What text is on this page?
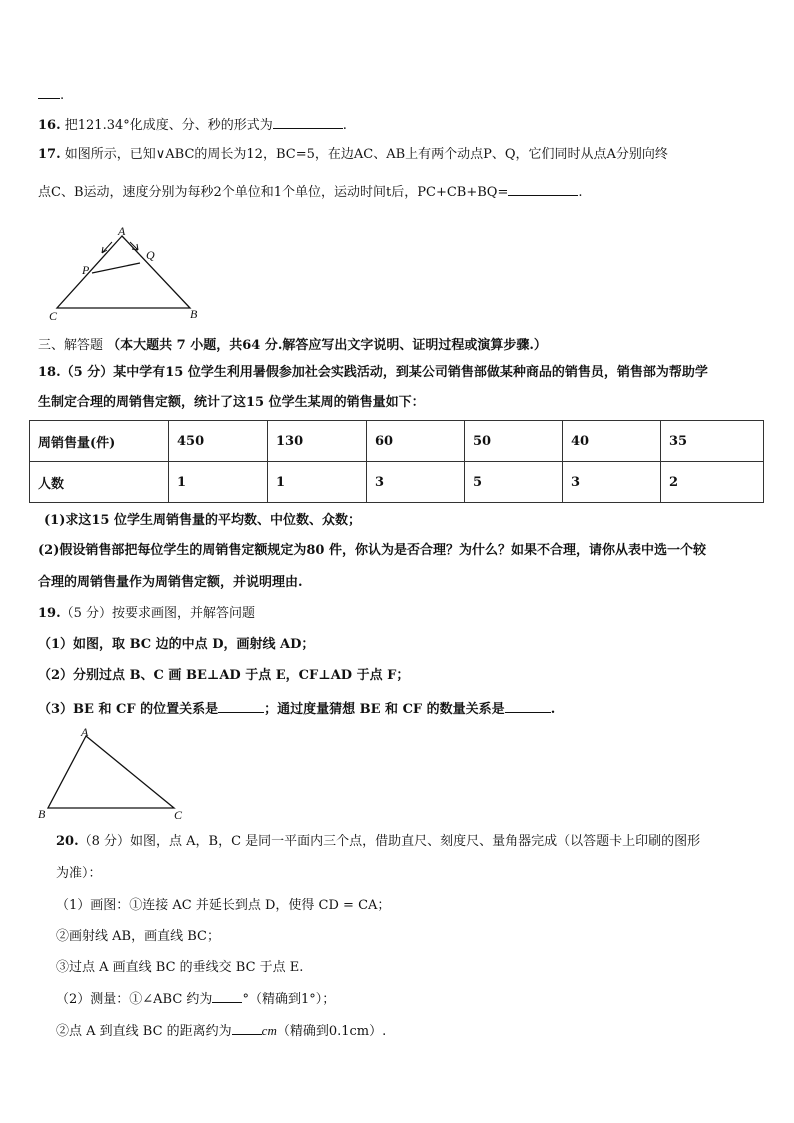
.
16. 把121.34°化成度、分、秒的形式为	.
17. 如图所示，已知∨ABC的周长为12，BC=5，在边AC、AB上有两个动点P、Q，它们同时从点A分别向终
点C、B运动，速度分别为每秒2个单位和1个单位，运动时间t后，PC+CB+BQ=	.
A
P
Q
C	B
三、解答题 （本大题共 7 小题，共64 分.解答应写出文字说明、证明过程或演算步骤.）
18.（5 分）某中学有15 位学生利用暑假参加社会实践活动，到某公司销售部做某种商品的销售员，销售部为帮助学
生制定合理的周销售定额，统计了这15 位学生某周的销售量如下：
周销售量(件)	450	130	60	50	40	35
人数	1	1	3	5	3	2
(1)求这15 位学生周销售量的平均数、中位数、众数；
(2)假设销售部把每位学生的周销售定额规定为80 件，你认为是否合理？为什么？如果不合理，请你从表中选一个较
合理的周销售量作为周销售定额，并说明理由.
19.（5 分）按要求画图，并解答问题
（1）如图，取 BC 边的中点 D，画射线 AD；
（2）分别过点 B、C 画 BE⊥AD 于点 E，CF⊥AD 于点 F；
（3）BE 和 CF 的位置关系是	；通过度量猜想 BE 和 CF 的数量关系是	.
A
B	C
20.（8 分）如图，点 A，B，C 是同一平面内三个点，借助直尺、刻度尺、量角器完成（以答题卡上印刷的图形
为准）：
（1）画图：①连接 AC 并延长到点 D，使得 CD = CA；
②画射线 AB，画直线 BC；
③过点 A 画直线 BC 的垂线交 BC 于点 E.
（2）测量：①∠ABC 约为 °（精确到1°）；
②点 A 到直线 BC 的距离约为 cm（精确到0.1cm）.
